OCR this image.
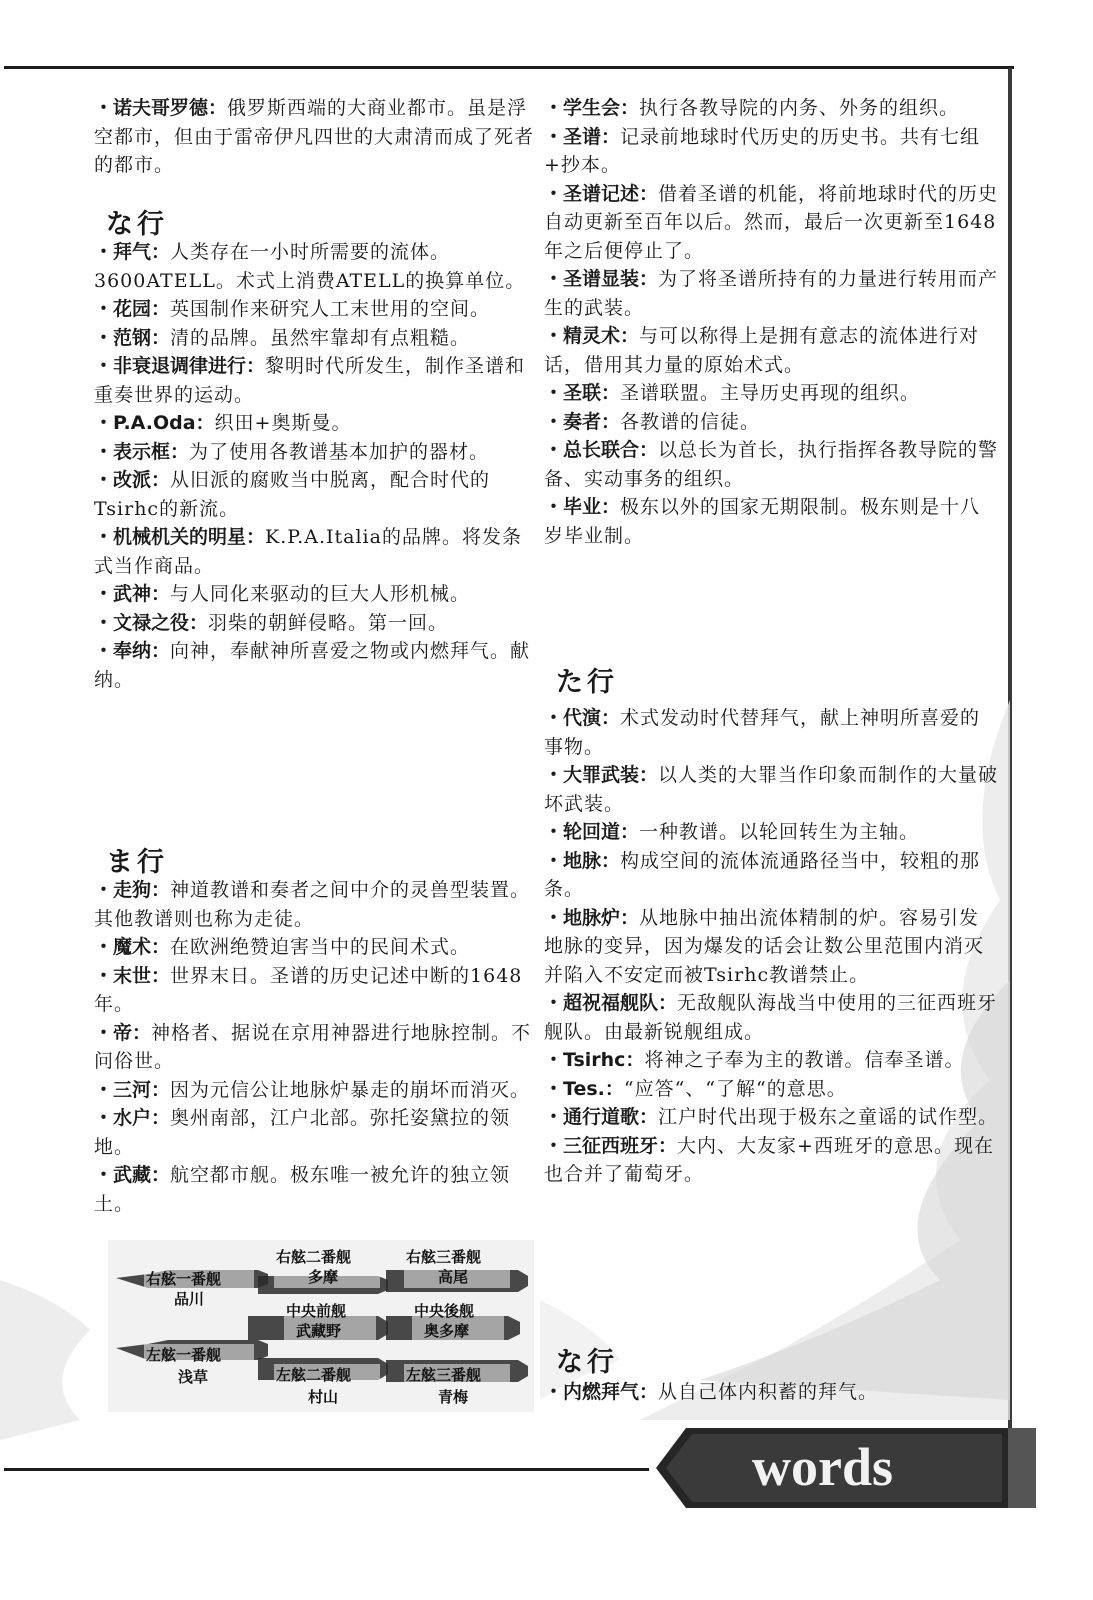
・诺夫哥罗德：俄罗斯西端的大商业都市。虽是浮空都市，但由于雷帝伊凡四世的大肃清而成了死者的都市。

な行

・拜气：人类存在一小时所需要的流体。3600ATELL。术式上消费ATELL的换算单位。

・花园：英国制作来研究人工末世用的空间。

・范钢：清的品牌。虽然牢靠却有点粗糙。

・非衰退调律进行：黎明时代所发生，制作圣谱和重奏世界的运动。

・P.A.Oda：织田+奥斯曼。

・表示框：为了使用各教谱基本加护的器材。

・改派：从旧派的腐败当中脱离，配合时代的Tsirhc的新流。

・机械机关的明星：K.P.A.Italia的品牌。将发条式当作商品。

・武神：与人同化来驱动的巨大人形机械。

・文禄之役：羽柴的朝鲜侵略。第一回。

・奉纳：向神，奉献神所喜爱之物或内燃拜气。献纳。

ま行

・走狗：神道教谱和奏者之间中介的灵兽型装置。其他教谱则也称为走徒。

・魔术：在欧洲绝赞迫害当中的民间术式。

・末世：世界末日。圣谱的历史记述中断的1648年。

・帝：神格者、据说在京用神器进行地脉控制。不问俗世。

・三河：因为元信公让地脉炉暴走的崩坏而消灭。

・水户：奥州南部，江户北部。弥托姿黛拉的领地。

・武藏：航空都市舰。极东唯一被允许的独立领土。

右舷一番舰
品川
右舷二番舰
多摩
右舷三番舰
高尾
中央前舰
武藏野
中央後舰
奥多摩
左舷一番舰
浅草	左舷二番舰
村山
左舷三番舰
青梅

・学生会：执行各教导院的内务、外务的组织。

・圣谱：记录前地球时代历史的历史书。共有七组+抄本。

・圣谱记述：借着圣谱的机能，将前地球时代的历史自动更新至百年以后。然而，最后一次更新至1648年之后便停止了。

・圣谱显装：为了将圣谱所持有的力量进行转用而产生的武装。

・精灵术：与可以称得上是拥有意志的流体进行对话，借用其力量的原始术式。

・圣联：圣谱联盟。主导历史再现的组织。

・奏者：各教谱的信徒。

・总长联合：以总长为首长，执行指挥各教导院的警备、实动事务的组织。

・毕业：极东以外的国家无期限制。极东则是十八岁毕业制。

た行

・代演：术式发动时代替拜气，献上神明所喜爱的事物。

・大罪武装：以人类的大罪当作印象而制作的大量破坏武装。

・轮回道：一种教谱。以轮回转生为主轴。

・地脉：构成空间的流体流通路径当中，较粗的那条。

・地脉炉：从地脉中抽出流体精制的炉。容易引发地脉的变异，因为爆发的话会让数公里范围内消灭并陷入不安定而被Tsirhc教谱禁止。

・超祝福舰队：无敌舰队海战当中使用的三征西班牙舰队。由最新锐舰组成。

・Tsirhc：将神之子奉为主的教谱。信奉圣谱。

・Tes.：“应答“、“了解“的意思。

・通行道歌：江户时代出现于极东之童谣的试作型。

・三征西班牙：大内、大友家+西班牙的意思。现在也合并了葡萄牙。

な行

・内燃拜气：从自己体内积蓄的拜气。

words
